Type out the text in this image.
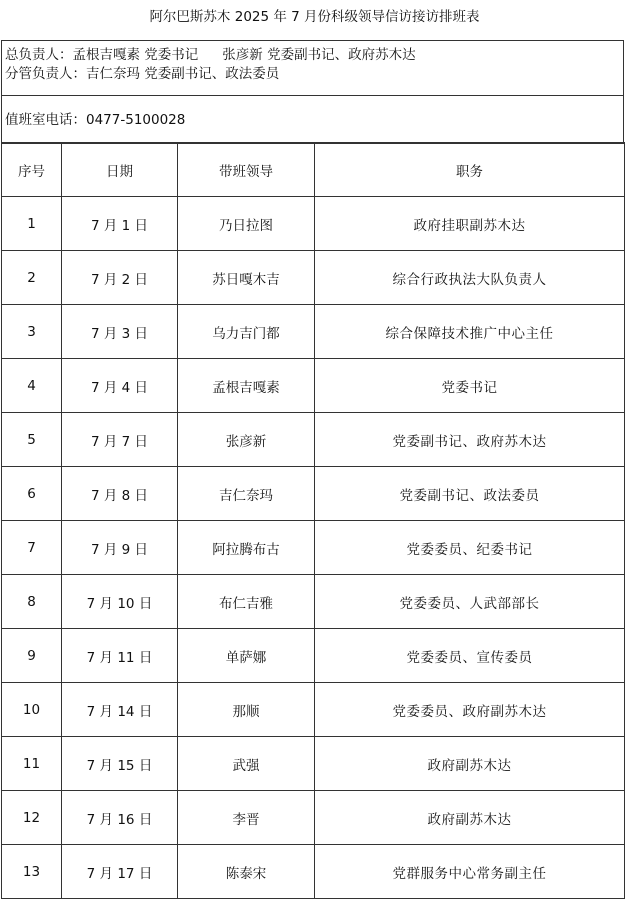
阿尔巴斯苏木 2025 年 7 月份科级领导信访接访排班表
总负责人：孟根吉嘎素 党委书记 张彦新 党委副书记、政府苏木达
分管负责人：吉仁奈玛 党委副书记、政法委员
值班室电话：0477-5100028
序号	日期	带班领导	职务
1	7 月 1 日	乃日拉图	政府挂职副苏木达
2	7 月 2 日	苏日嘎木吉	综合行政执法大队负责人
3	7 月 3 日	乌力吉门都	综合保障技术推广中心主任
4	7 月 4 日	孟根吉嘎素	党委书记
5	7 月 7 日	张彦新	党委副书记、政府苏木达
6	7 月 8 日	吉仁奈玛	党委副书记、政法委员
7	7 月 9 日	阿拉腾布古	党委委员、纪委书记
8	7 月 10 日	布仁吉雅	党委委员、人武部部长
9	7 月 11 日	单萨娜	党委委员、宣传委员
10	7 月 14 日	那顺	党委委员、政府副苏木达
11	7 月 15 日	武强	政府副苏木达
12	7 月 16 日	李晋	政府副苏木达
13	7 月 17 日	陈泰宋	党群服务中心常务副主任
